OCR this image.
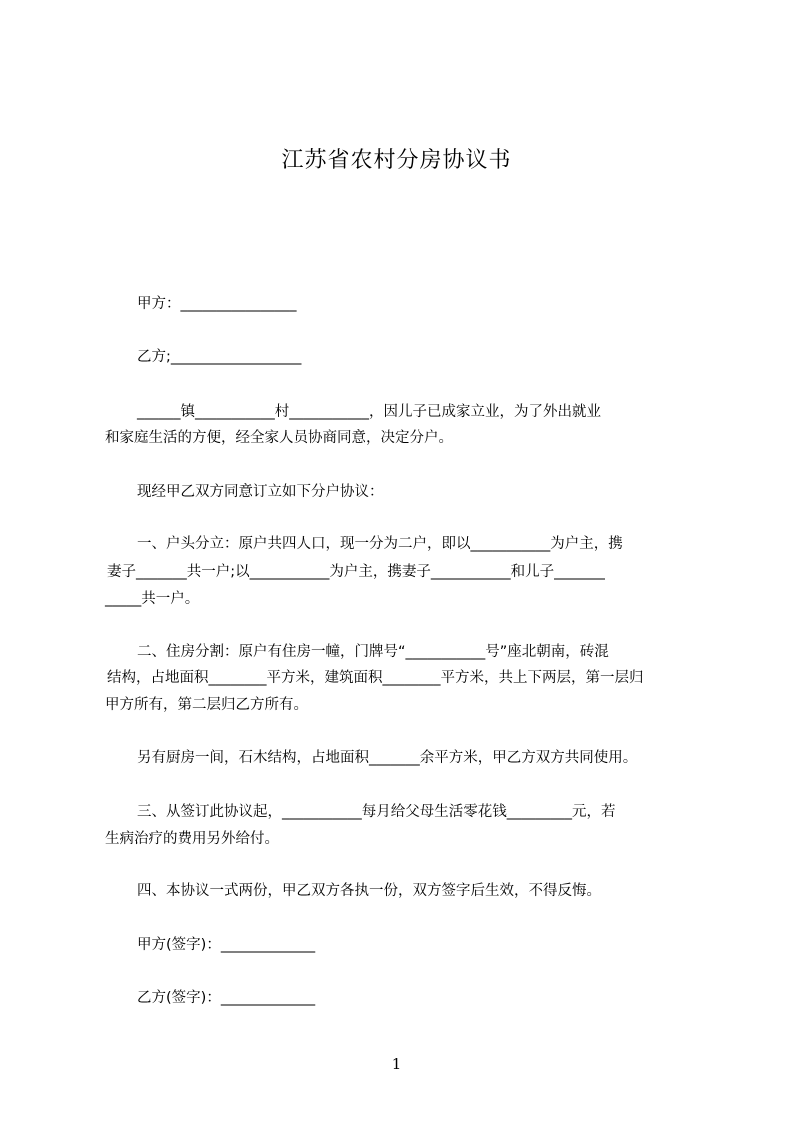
江苏省农村分房协议书

甲方：________________

乙方;__________________

______镇___________村___________，因儿子已成家立业，为了外出就业

和家庭生活的方便，经全家人员协商同意，决定分户。

现经甲乙双方同意订立如下分户协议：

一、户头分立：原户共四人口，现一分为二户，即以___________为户主，携

妻子_______共一户;以___________为户主，携妻子___________和儿子_______

_____共一户。

二、住房分割：原户有住房一幢，门牌号“___________号”座北朝南，砖混

结构，占地面积________平方米，建筑面积________平方米，共上下两层，第一层归

甲方所有，第二层归乙方所有。

另有厨房一间，石木结构，占地面积_______余平方米，甲乙方双方共同使用。

三、从签订此协议起，___________每月给父母生活零花钱_________元，若

生病治疗的费用另外给付。

四、本协议一式两份，甲乙双方各执一份，双方签字后生效，不得反悔。

甲方(签字)：_____________

乙方(签字)：_____________

1
